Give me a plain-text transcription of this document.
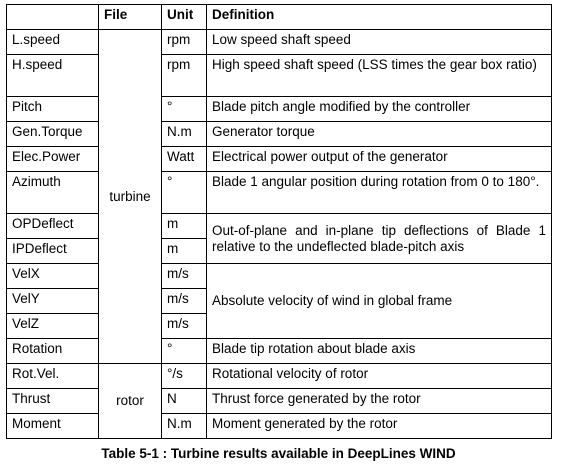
	File	Unit	Definition
L.speed	turbine	rpm	Low speed shaft speed
H.speed		rpm	High speed shaft speed (LSS times the gear box ratio)
Pitch		°	Blade pitch angle modified by the controller
Gen.Torque		N.m	Generator torque
Elec.Power		Watt	Electrical power output of the generator
Azimuth		°	Blade 1 angular position during rotation from 0 to 180°.
OPDeflect		m	Out-of-plane and in-plane tip deflections of Blade 1 relative to the undeflected blade-pitch axis
IPDeflect		m	
VelX		m/s	Absolute velocity of wind in global frame
VelY		m/s	
VelZ		m/s	
Rotation		°	Blade tip rotation about blade axis
Rot.Vel.	rotor	°/s	Rotational velocity of rotor
Thrust		N	Thrust force generated by the rotor
Moment		N.m	Moment generated by the rotor
Table 5-1 : Turbine results available in DeepLines WIND
